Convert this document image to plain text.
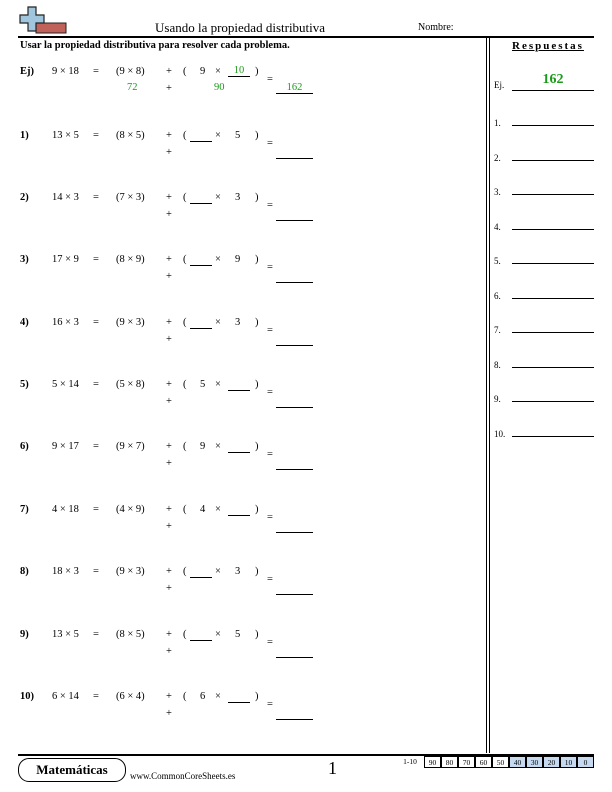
Usando la propiedad distributiva	Nombre:
Usar la propiedad distributiva para resolver cada problema.	Respuestas
Ej) 9 × 18 = (9 × 8) + ( 9 ×	10	)
72	+	90
=
162
1) 13 × 5 = (8 × 5) + (	× 5 )
+
=
2) 14 × 3 = (7 × 3) + (	× 3 )
+
=
3) 17 × 9 = (8 × 9) + (	× 9 )
+
=
4) 16 × 3 = (9 × 3) + (	× 3 )
+
=
5) 5 × 14 = (5 × 8) + ( 5 ×	)
+
=
6) 9 × 17 = (9 × 7) + ( 9 ×	)
+
=
7) 4 × 18 = (4 × 9) + ( 4 ×	)
+
=
8) 18 × 3 = (9 × 3) + (	× 3 )
+
=
9) 13 × 5 = (8 × 5) + (	× 5 )
+
=
10) 6 × 14 = (6 × 4) + ( 6 ×	)
+
=
Ej.	162
1.
2.
3.
4.
5.
6.
7.
8.
9.
10.
Matemáticas	www.CommonCoreSheets.es	1	1-10	90	80	70	60	50	40	30	20	10	0
